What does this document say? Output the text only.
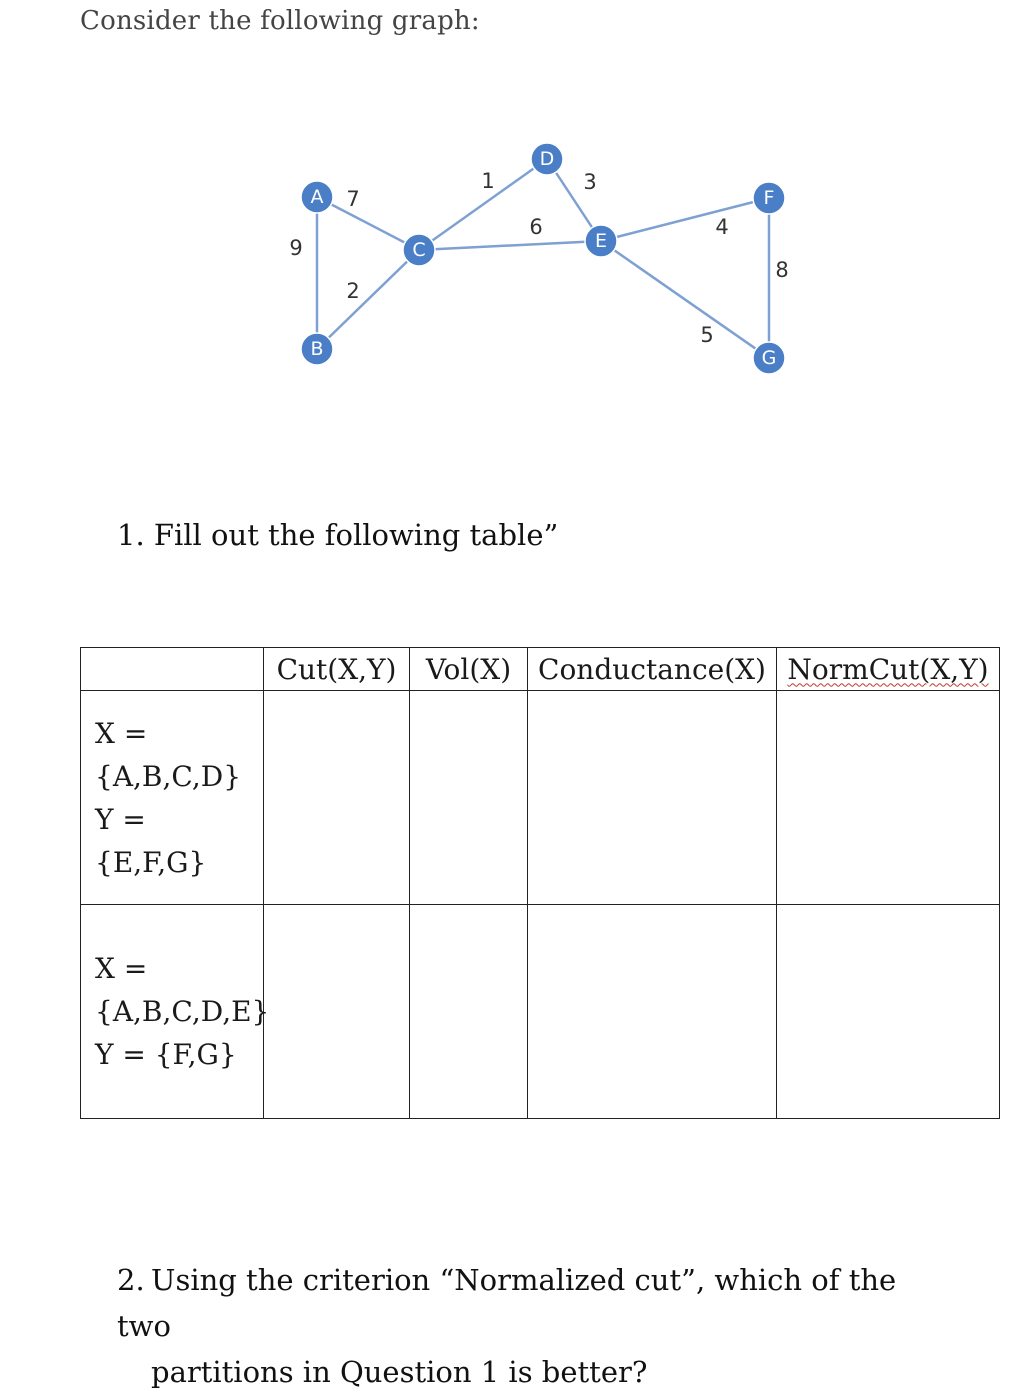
Consider the following graph:
9
7
2
1
6
3
4
5
8
A
B
C
D
E
F
G
1. Fill out the following table”
	Cut(X,Y)	Vol(X)	Conductance(X)	NormCut(X,Y)

X =
{A,B,C,D}
Y = {E,F,G}				

X =
{A,B,C,D,E}
Y = {F,G}				

2. Using the criterion “Normalized cut”, which of the two
partitions in Question 1 is better?
